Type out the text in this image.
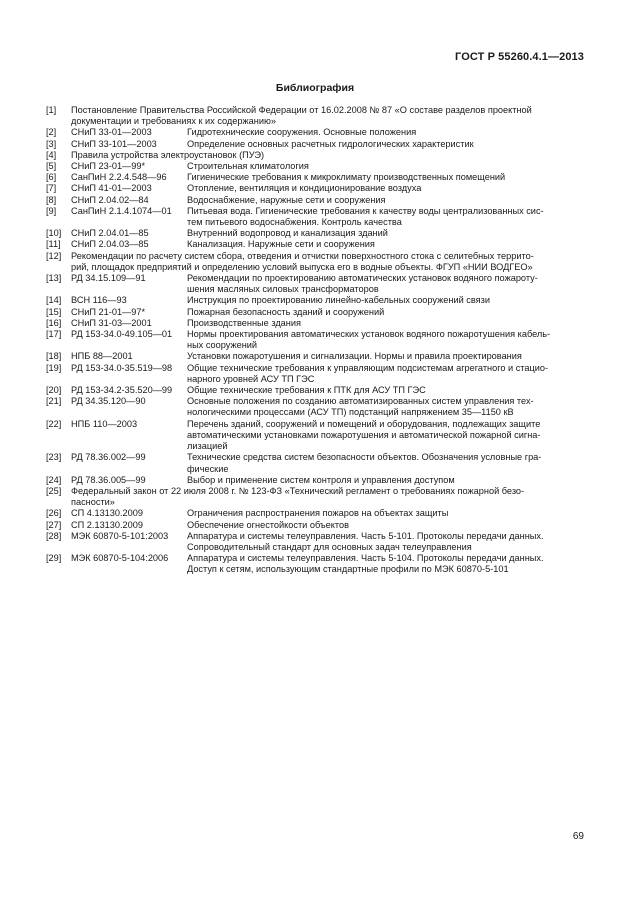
ГОСТ Р 55260.4.1—2013
Библиография
[1]	Постановление Правительства Российской Федерации от 16.02.2008 № 87 «О составе разделов проектной
документации и требованиях к их содержанию»
[2]	СНиП 33-01—2003	Гидротехнические сооружения. Основные положения
[3]	СНиП 33-101—2003	Определение основных расчетных гидрологических характеристик
[4]	Правила устройства электроустановок (ПУЭ)
[5]	СНиП 23-01—99*	Строительная климатология
[6]	СанПиН 2.2.4.548—96	Гигиенические требования к микроклимату производственных помещений
[7]	СНиП 41-01—2003	Отопление, вентиляция и кондиционирование воздуха
[8]	СНиП 2.04.02—84	Водоснабжение, наружные сети и сооружения
[9]	СанПиН 2.1.4.1074—01	Питьевая вода. Гигиенические требования к качеству воды централизованных сис-
тем питьевого водоснабжения. Контроль качества
[10]	СНиП 2.04.01—85	Внутренний водопровод и канализация зданий
[11]	СНиП 2.04.03—85	Канализация. Наружные сети и сооружения
[12]	Рекомендации по расчету систем сбора, отведения и отчистки поверхностного стока с селитебных террито-
рий, площадок предприятий и определению условий выпуска его в водные объекты. ФГУП «НИИ ВОДГЕО»
[13]	РД 34.15.109—91	Рекомендации по проектированию автоматических установок водяного пожароту-
шения масляных силовых трансформаторов
[14]	ВСН 116—93	Инструкция по проектированию линейно-кабельных сооружений связи
[15]	СНиП 21-01—97*	Пожарная безопасность зданий и сооружений
[16]	СНиП 31-03—2001	Производственные здания
[17]	РД 153-34.0-49.105—01	Нормы проектирования автоматических установок водяного пожаротушения кабель-
ных сооружений
[18]	НПБ 88—2001	Установки пожаротушения и сигнализации. Нормы и правила проектирования
[19]	РД 153-34.0-35.519—98	Общие технические требования к управляющим подсистемам агрегатного и стацио-
нарного уровней АСУ ТП ГЭС
[20]	РД 153-34.2-35.520—99	Общие технические требования к ПТК для АСУ ТП ГЭС
[21]	РД 34.35.120—90	Основные положения по созданию автоматизированных систем управления тех-
нологическими процессами (АСУ ТП) подстанций напряжением 35—1150 кВ
[22]	НПБ 110—2003	Перечень зданий, сооружений и помещений и оборудования, подлежащих защите
автоматическими установками пожаротушения и автоматической пожарной сигна-
лизацией
[23]	РД 78.36.002—99	Технические средства систем безопасности объектов. Обозначения условные гра-
фические
[24]	РД 78.36.005—99	Выбор и применение систем контроля и управления доступом
[25]	Федеральный закон от 22 июля 2008 г. № 123-ФЗ «Технический регламент о требованиях пожарной безо-
пасности»
[26]	СП 4.13130.2009	Ограничения распространения пожаров на объектах защиты
[27]	СП 2.13130.2009	Обеспечение огнестойкости объектов
[28]	МЭК 60870-5-101:2003	Аппаратура и системы телеуправления. Часть 5-101. Протоколы передачи данных.
Сопроводительный стандарт для основных задач телеуправления
[29]	МЭК 60870-5-104:2006	Аппаратура и системы телеуправления. Часть 5-104. Протоколы передачи данных.
Доступ к сетям, использующим стандартные профили по МЭК 60870-5-101
69
